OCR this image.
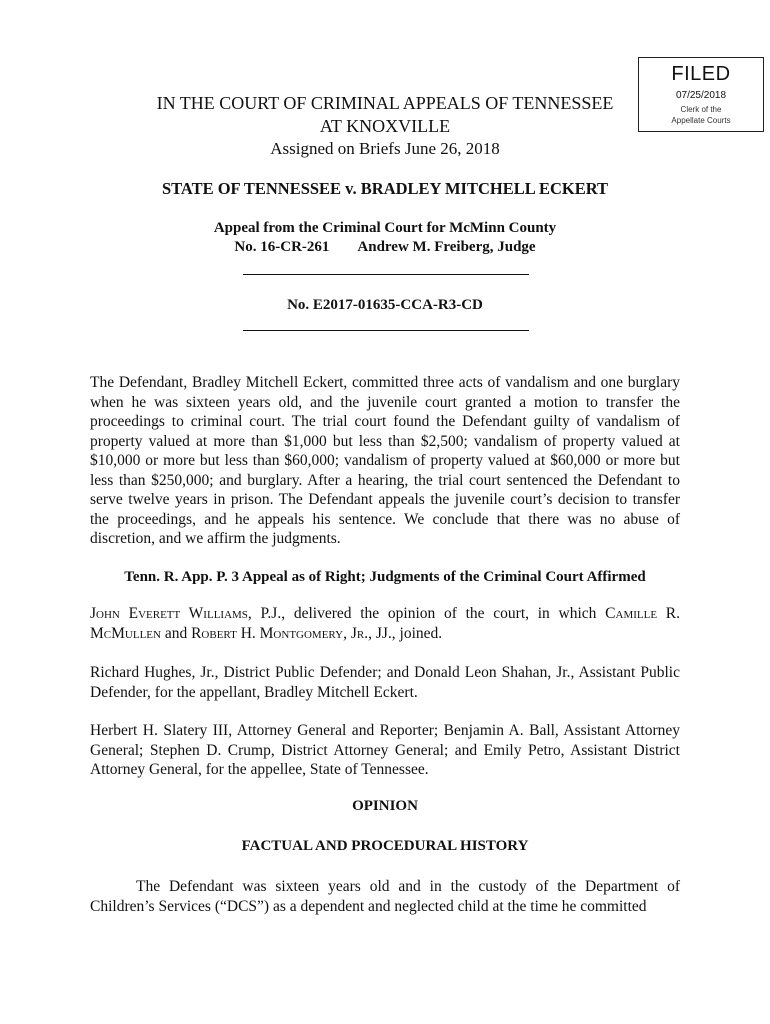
FILED
07/25/2018
Clerk of the
Appellate Courts
IN THE COURT OF CRIMINAL APPEALS OF TENNESSEE
AT KNOXVILLE
Assigned on Briefs June 26, 2018
STATE OF TENNESSEE v. BRADLEY MITCHELL ECKERT
Appeal from the Criminal Court for McMinn County
No. 16-CR-261 Andrew M. Freiberg, Judge
No. E2017-01635-CCA-R3-CD
The Defendant, Bradley Mitchell Eckert, committed three acts of vandalism and one burglary when he was sixteen years old, and the juvenile court granted a motion to transfer the proceedings to criminal court. The trial court found the Defendant guilty of vandalism of property valued at more than $1,000 but less than $2,500; vandalism of property valued at $10,000 or more but less than $60,000; vandalism of property valued at $60,000 or more but less than $250,000; and burglary. After a hearing, the trial court sentenced the Defendant to serve twelve years in prison. The Defendant appeals the juvenile court’s decision to transfer the proceedings, and he appeals his sentence. We conclude that there was no abuse of discretion, and we affirm the judgments.
Tenn. R. App. P. 3 Appeal as of Right; Judgments of the Criminal Court Affirmed
John Everett Williams, P.J., delivered the opinion of the court, in which Camille R. McMullen and Robert H. Montgomery, Jr., JJ., joined.
Richard Hughes, Jr., District Public Defender; and Donald Leon Shahan, Jr., Assistant Public Defender, for the appellant, Bradley Mitchell Eckert.
Herbert H. Slatery III, Attorney General and Reporter; Benjamin A. Ball, Assistant Attorney General; Stephen D. Crump, District Attorney General; and Emily Petro, Assistant District Attorney General, for the appellee, State of Tennessee.
OPINION
FACTUAL AND PROCEDURAL HISTORY
The Defendant was sixteen years old and in the custody of the Department of Children’s Services (“DCS”) as a dependent and neglected child at the time he committed
